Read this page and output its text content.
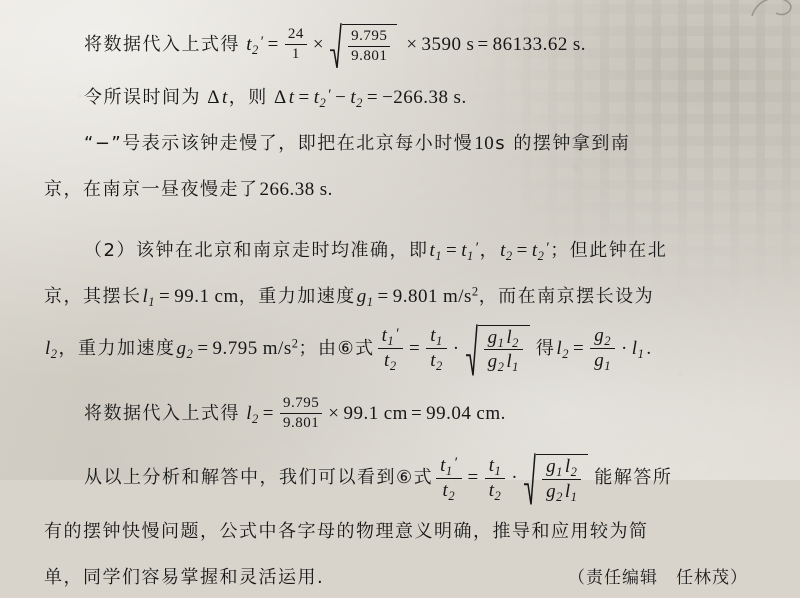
将数据代入上式得 $t_2' = \frac{24}{1} \times \frac{9.795}{9.801} \times 3590$ s = 86133.62 s.

令所误时间为 Δ t，则 Δ $t = t_2' - t_2 = -266.38$ s.

“−”号表示该钟走慢了，即把在北京每小时慢10s 的摆钟拿到南

京，在南京一昼夜慢走了266.38 s.

（2）该钟在北京和南京走时均准确，即$t_1 = t_1'$，$t_2 = t_2'$；但此钟在北

京，其摆长$l_1 = 99.1$ cm，重力加速度$g_1 = 9.801$ $m/s^2$，而在南京摆长设为

$l_2$，重力加速度$g_2 = 9.795$ $m/s^2$；由⑥式 $\frac{t_1'}{t_2} = \frac{t_1}{t_2} \cdot \frac{g_1 l_2}{g_2 l_1}$ 得$l_2 = \frac{g_2}{g_1} \cdot l_1$ .

将数据代入上式得 $l_2 = \frac{9.795}{9.801} \times 99.1$ cm = 99.04 cm.

从以上分析和解答中，我们可以看到⑥式 $\frac{t_1'}{t_2} = \frac{t_1}{t_2} \cdot \frac{g_1 l_2}{g_2 l_1}$ 能解答所

有的摆钟快慢问题，公式中各字母的物理意义明确，推导和应用较为简

单，同学们容易掌握和灵活运用.	（责任编辑　任林茂）
